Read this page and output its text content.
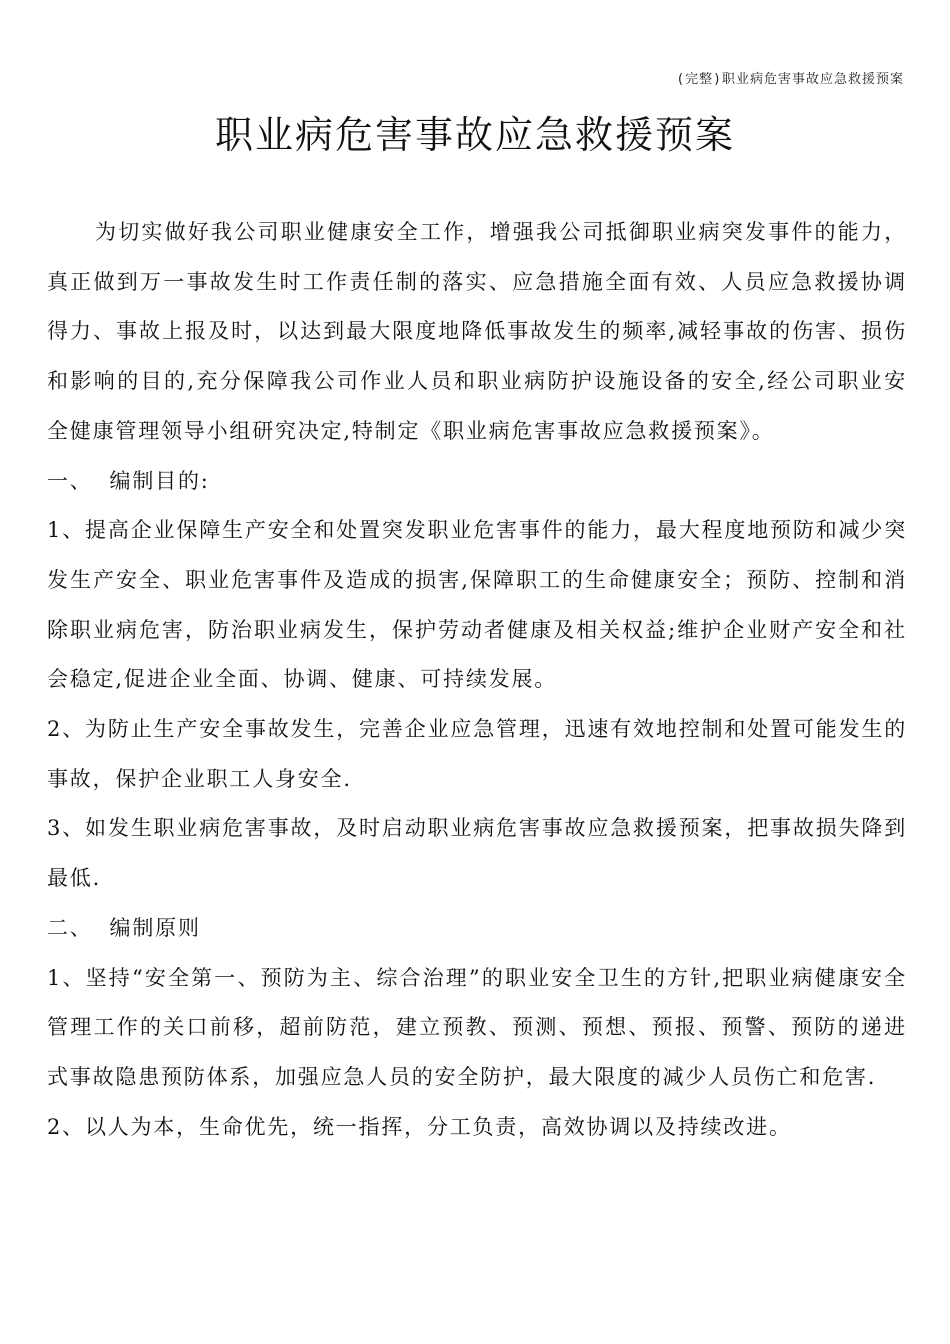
(完整)职业病危害事故应急救援预案
职业病危害事故应急救援预案

为切实做好我公司职业健康安全工作，增强我公司抵御职业病突发事件的能力，真正做到万一事故发生时工作责任制的落实、应急措施全面有效、人员应急救援协调得力、事故上报及时，以达到最大限度地降低事故发生的频率,减轻事故的伤害、损伤和影响的目的,充分保障我公司作业人员和职业病防护设施设备的安全,经公司职业安全健康管理领导小组研究决定,特制定《职业病危害事故应急救援预案》。

一、  编制目的:

1、提高企业保障生产安全和处置突发职业危害事件的能力，最大程度地预防和减少突发生产安全、职业危害事件及造成的损害,保障职工的生命健康安全；预防、控制和消除职业病危害，防治职业病发生，保护劳动者健康及相关权益;维护企业财产安全和社会稳定,促进企业全面、协调、健康、可持续发展。

2、为防止生产安全事故发生，完善企业应急管理，迅速有效地控制和处置可能发生的事故，保护企业职工人身安全.

3、如发生职业病危害事故，及时启动职业病危害事故应急救援预案，把事故损失降到最低.

二、  编制原则

1、坚持“安全第一、预防为主、综合治理”的职业安全卫生的方针,把职业病健康安全管理工作的关口前移，超前防范，建立预教、预测、预想、预报、预警、预防的递进式事故隐患预防体系，加强应急人员的安全防护，最大限度的减少人员伤亡和危害.

2、以人为本，生命优先，统一指挥，分工负责，高效协调以及持续改进。
